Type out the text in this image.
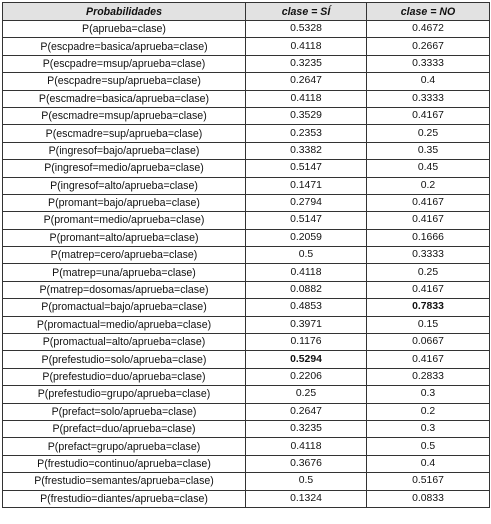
Probabilidades	clase = SÍ	clase = NO
P(aprueba=clase)	0.5328	0.4672
P(escpadre=basica/aprueba=clase)	0.4118	0.2667
P(escpadre=msup/aprueba=clase)	0.3235	0.3333
P(escpadre=sup/aprueba=clase)	0.2647	0.4
P(escmadre=basica/aprueba=clase)	0.4118	0.3333
P(escmadre=msup/aprueba=clase)	0.3529	0.4167
P(escmadre=sup/aprueba=clase)	0.2353	0.25
P(ingresof=bajo/aprueba=clase)	0.3382	0.35
P(ingresof=medio/aprueba=clase)	0.5147	0.45
P(ingresof=alto/aprueba=clase)	0.1471	0.2
P(promant=bajo/aprueba=clase)	0.2794	0.4167
P(promant=medio/aprueba=clase)	0.5147	0.4167
P(promant=alto/aprueba=clase)	0.2059	0.1666
P(matrep=cero/aprueba=clase)	0.5	0.3333
P(matrep=una/aprueba=clase)	0.4118	0.25
P(matrep=dosomas/aprueba=clase)	0.0882	0.4167
P(promactual=bajo/aprueba=clase)	0.4853	0.7833
P(promactual=medio/aprueba=clase)	0.3971	0.15
P(promactual=alto/aprueba=clase)	0.1176	0.0667
P(prefestudio=solo/aprueba=clase)	0.5294	0.4167
P(prefestudio=duo/aprueba=clase)	0.2206	0.2833
P(prefestudio=grupo/aprueba=clase)	0.25	0.3
P(prefact=solo/aprueba=clase)	0.2647	0.2
P(prefact=duo/aprueba=clase)	0.3235	0.3
P(prefact=grupo/aprueba=clase)	0.4118	0.5
P(frestudio=continuo/aprueba=clase)	0.3676	0.4
P(frestudio=semantes/aprueba=clase)	0.5	0.5167
P(frestudio=diantes/aprueba=clase)	0.1324	0.0833
